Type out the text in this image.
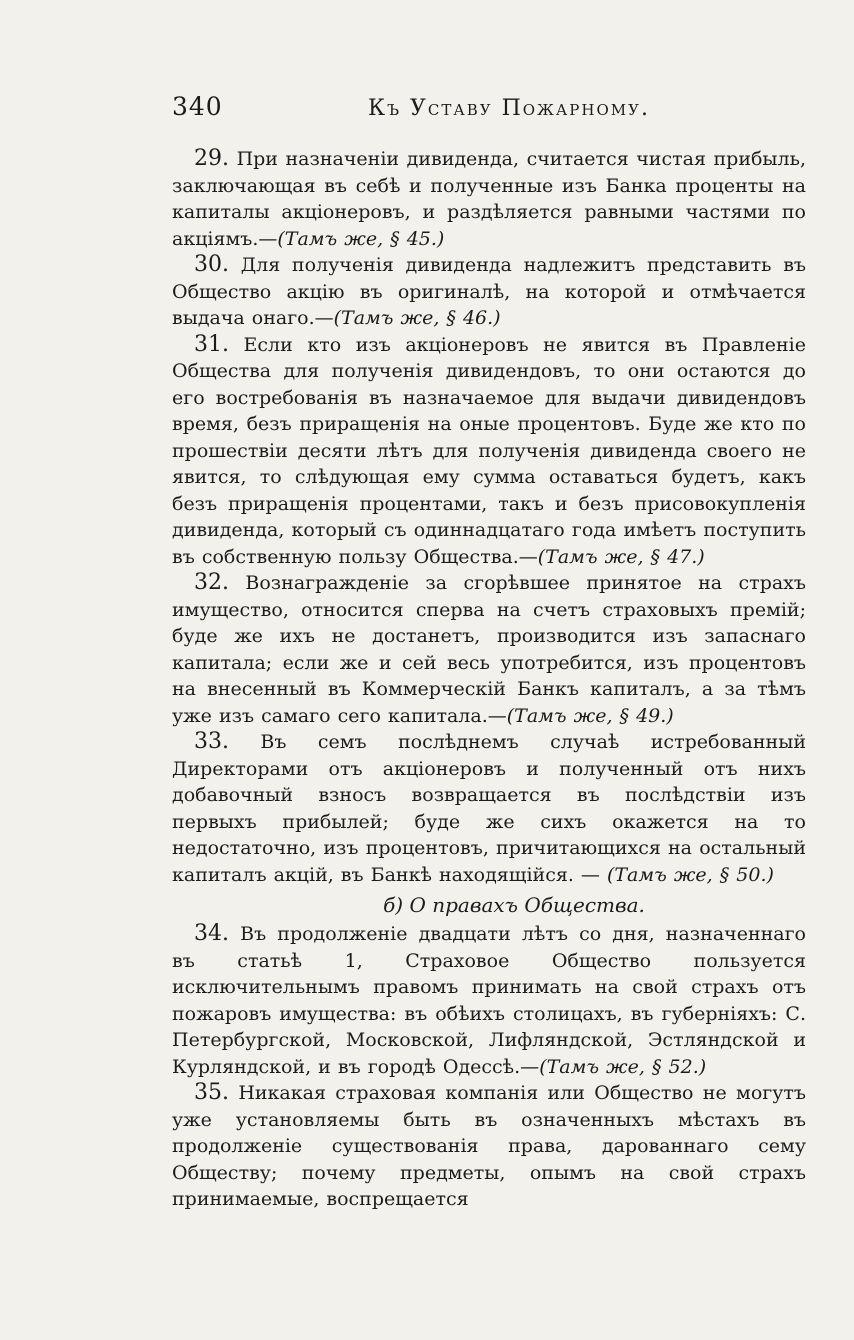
340	Къ Уставу Пожарному.

29. При назначеніи дивиденда, считается чистая прибыль, заключающая въ себѣ и полученные изъ Банка проценты на капиталы акціонеровъ, и раздѣляется равными частями по акціямъ.—(Тамъ же, § 45.)

30. Для полученія дивиденда надлежитъ представить въ Общество акцію въ оригиналѣ, на которой и отмѣчается выдача онаго.—(Тамъ же, § 46.)

31. Если кто изъ акціонеровъ не явится въ Правленіе Общества для полученія дивидендовъ, то они остаются до его востребованія въ назначаемое для выдачи дивидендовъ время, безъ приращенія на оные процентовъ. Буде же кто по прошествіи десяти лѣтъ для полученія дивиденда своего не явится, то слѣдующая ему сумма оставаться будетъ, какъ безъ приращенія процентами, такъ и безъ присовокупленія дивиденда, который съ одиннадцатаго года имѣетъ поступить въ собственную пользу Общества.—(Тамъ же, § 47.)

32. Вознагражденіе за сгорѣвшее принятое на страхъ имущество, относится сперва на счетъ страховыхъ премій; буде же ихъ не достанетъ, производится изъ запаснаго капитала; если же и сей весь употребится, изъ процентовъ на внесенный въ Коммерческій Банкъ капиталъ, а за тѣмъ уже изъ самаго сего капитала.—(Тамъ же, § 49.)

33. Въ семъ послѣднемъ случаѣ истребованный Директорами отъ акціонеровъ и полученный отъ нихъ добавочный взносъ возвращается въ послѣдствіи изъ первыхъ прибылей; буде же сихъ окажется на то недостаточно, изъ процентовъ, причитающихся на остальный капиталъ акцій, въ Банкѣ находящійся. — (Тамъ же, § 50.)

б) О правахъ Общества.

34. Въ продолженіе двадцати лѣтъ со дня, назначеннаго въ статьѣ 1, Страховое Общество пользуется исключительнымъ правомъ принимать на свой страхъ отъ пожаровъ имущества: въ обѣихъ столицахъ, въ губерніяхъ: С. Петербургской, Московской, Лифляндской, Эстляндской и Курляндской, и въ городѣ Одессѣ.—(Тамъ же, § 52.)

35. Никакая страховая компанія или Общество не могутъ уже установляемы быть въ означенныхъ мѣстахъ въ продолженіе существованія права, дарованнаго сему Обществу; почему предметы, опымъ на свой страхъ принимаемые, воспрещается
